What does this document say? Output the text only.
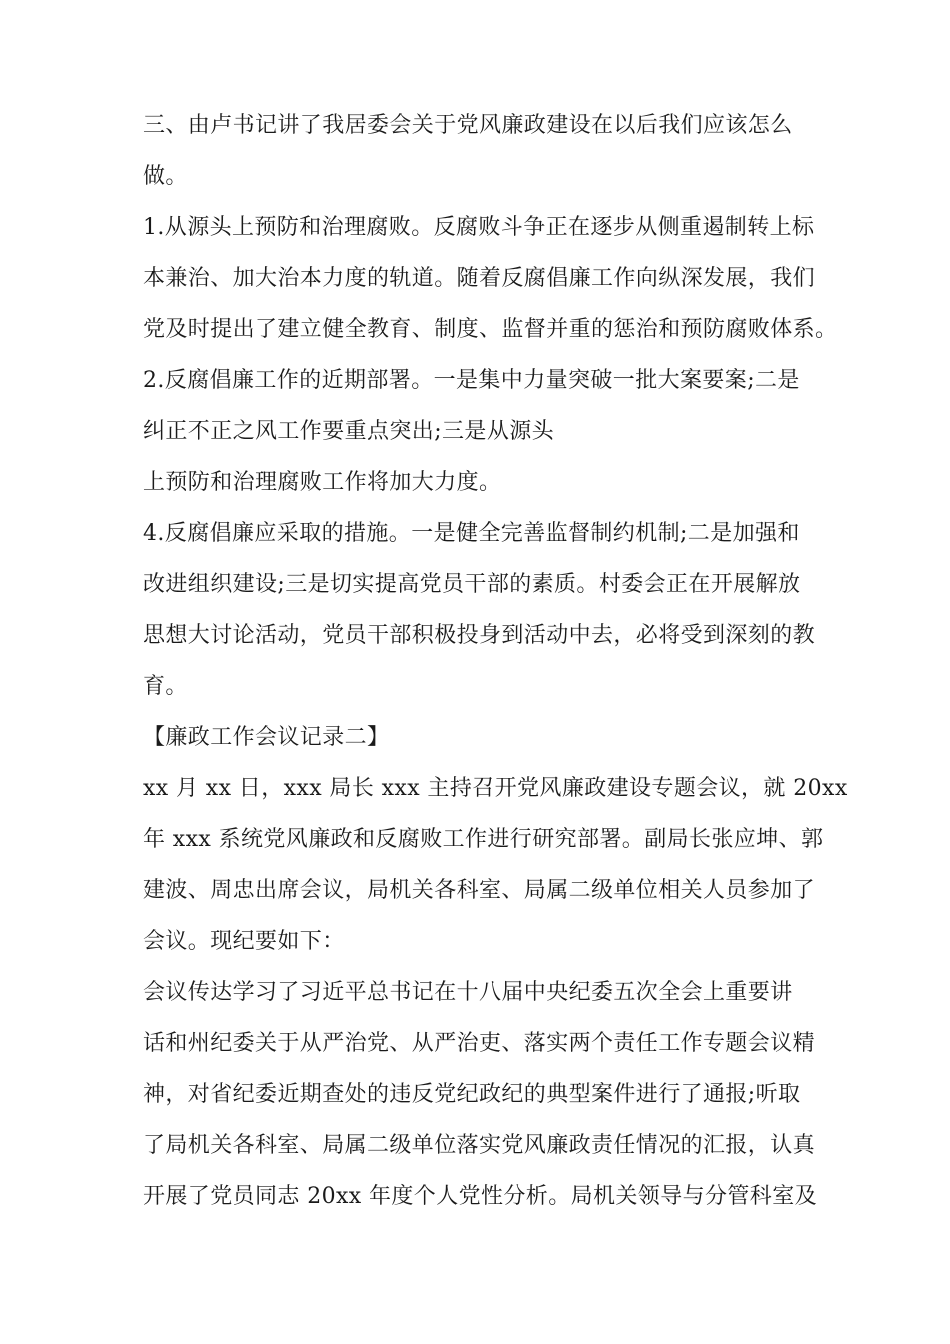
三、由卢书记讲了我居委会关于党风廉政建设在以后我们应该怎么
做。
1.从源头上预防和治理腐败。反腐败斗争正在逐步从侧重遏制转上标
本兼治、加大治本力度的轨道。随着反腐倡廉工作向纵深发展，我们
党及时提出了建立健全教育、制度、监督并重的惩治和预防腐败体系。
2.反腐倡廉工作的近期部署。一是集中力量突破一批大案要案;二是
纠正不正之风工作要重点突出;三是从源头
上预防和治理腐败工作将加大力度。
4.反腐倡廉应采取的措施。一是健全完善监督制约机制;二是加强和
改进组织建设;三是切实提高党员干部的素质。村委会正在开展解放
思想大讨论活动，党员干部积极投身到活动中去，必将受到深刻的教
育。
【廉政工作会议记录二】
xx 月 xx 日，xxx 局长 xxx 主持召开党风廉政建设专题会议，就 20xx
年 xxx 系统党风廉政和反腐败工作进行研究部署。副局长张应坤、郭
建波、周忠出席会议，局机关各科室、局属二级单位相关人员参加了
会议。现纪要如下：
会议传达学习了习近平总书记在十八届中央纪委五次全会上重要讲
话和州纪委关于从严治党、从严治吏、落实两个责任工作专题会议精
神，对省纪委近期查处的违反党纪政纪的典型案件进行了通报;听取
了局机关各科室、局属二级单位落实党风廉政责任情况的汇报，认真
开展了党员同志 20xx 年度个人党性分析。局机关领导与分管科室及
